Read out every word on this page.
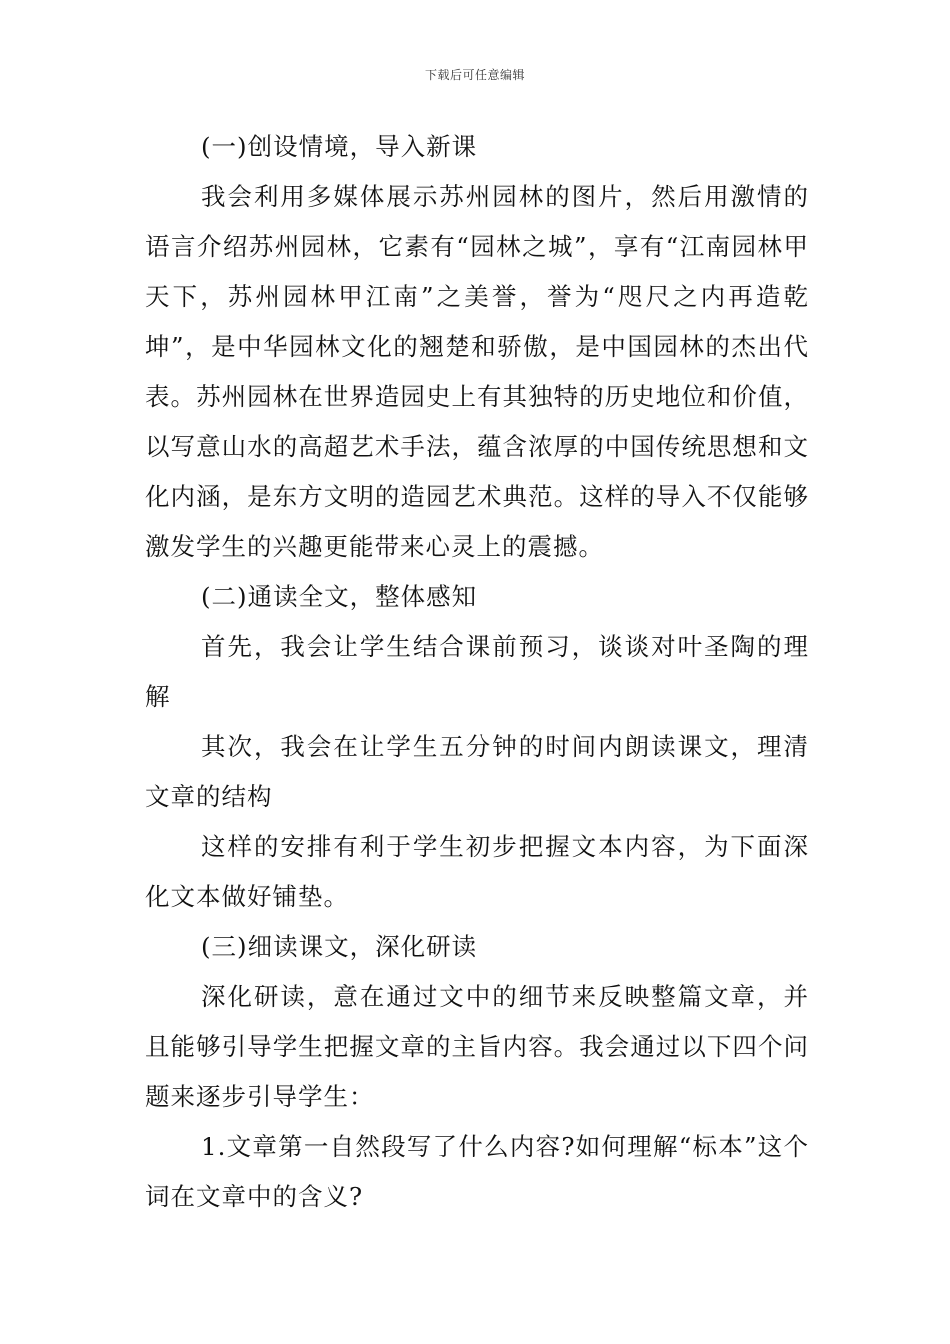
下载后可任意编辑

(一)创设情境，导入新课

我会利用多媒体展示苏州园林的图片，然后用激情的语言介绍苏州园林，它素有“园林之城”，享有“江南园林甲天下，苏州园林甲江南”之美誉，誉为“咫尺之内再造乾坤”，是中华园林文化的翘楚和骄傲，是中国园林的杰出代表。苏州园林在世界造园史上有其独特的历史地位和价值，以写意山水的高超艺术手法，蕴含浓厚的中国传统思想和文化内涵，是东方文明的造园艺术典范。这样的导入不仅能够激发学生的兴趣更能带来心灵上的震撼。

(二)通读全文，整体感知

首先，我会让学生结合课前预习，谈谈对叶圣陶的理解

其次，我会在让学生五分钟的时间内朗读课文，理清文章的结构

这样的安排有利于学生初步把握文本内容，为下面深化文本做好铺垫。

(三)细读课文，深化研读

深化研读，意在通过文中的细节来反映整篇文章，并且能够引导学生把握文章的主旨内容。我会通过以下四个问题来逐步引导学生：

1.文章第一自然段写了什么内容?如何理解“标本”这个词在文章中的含义?
